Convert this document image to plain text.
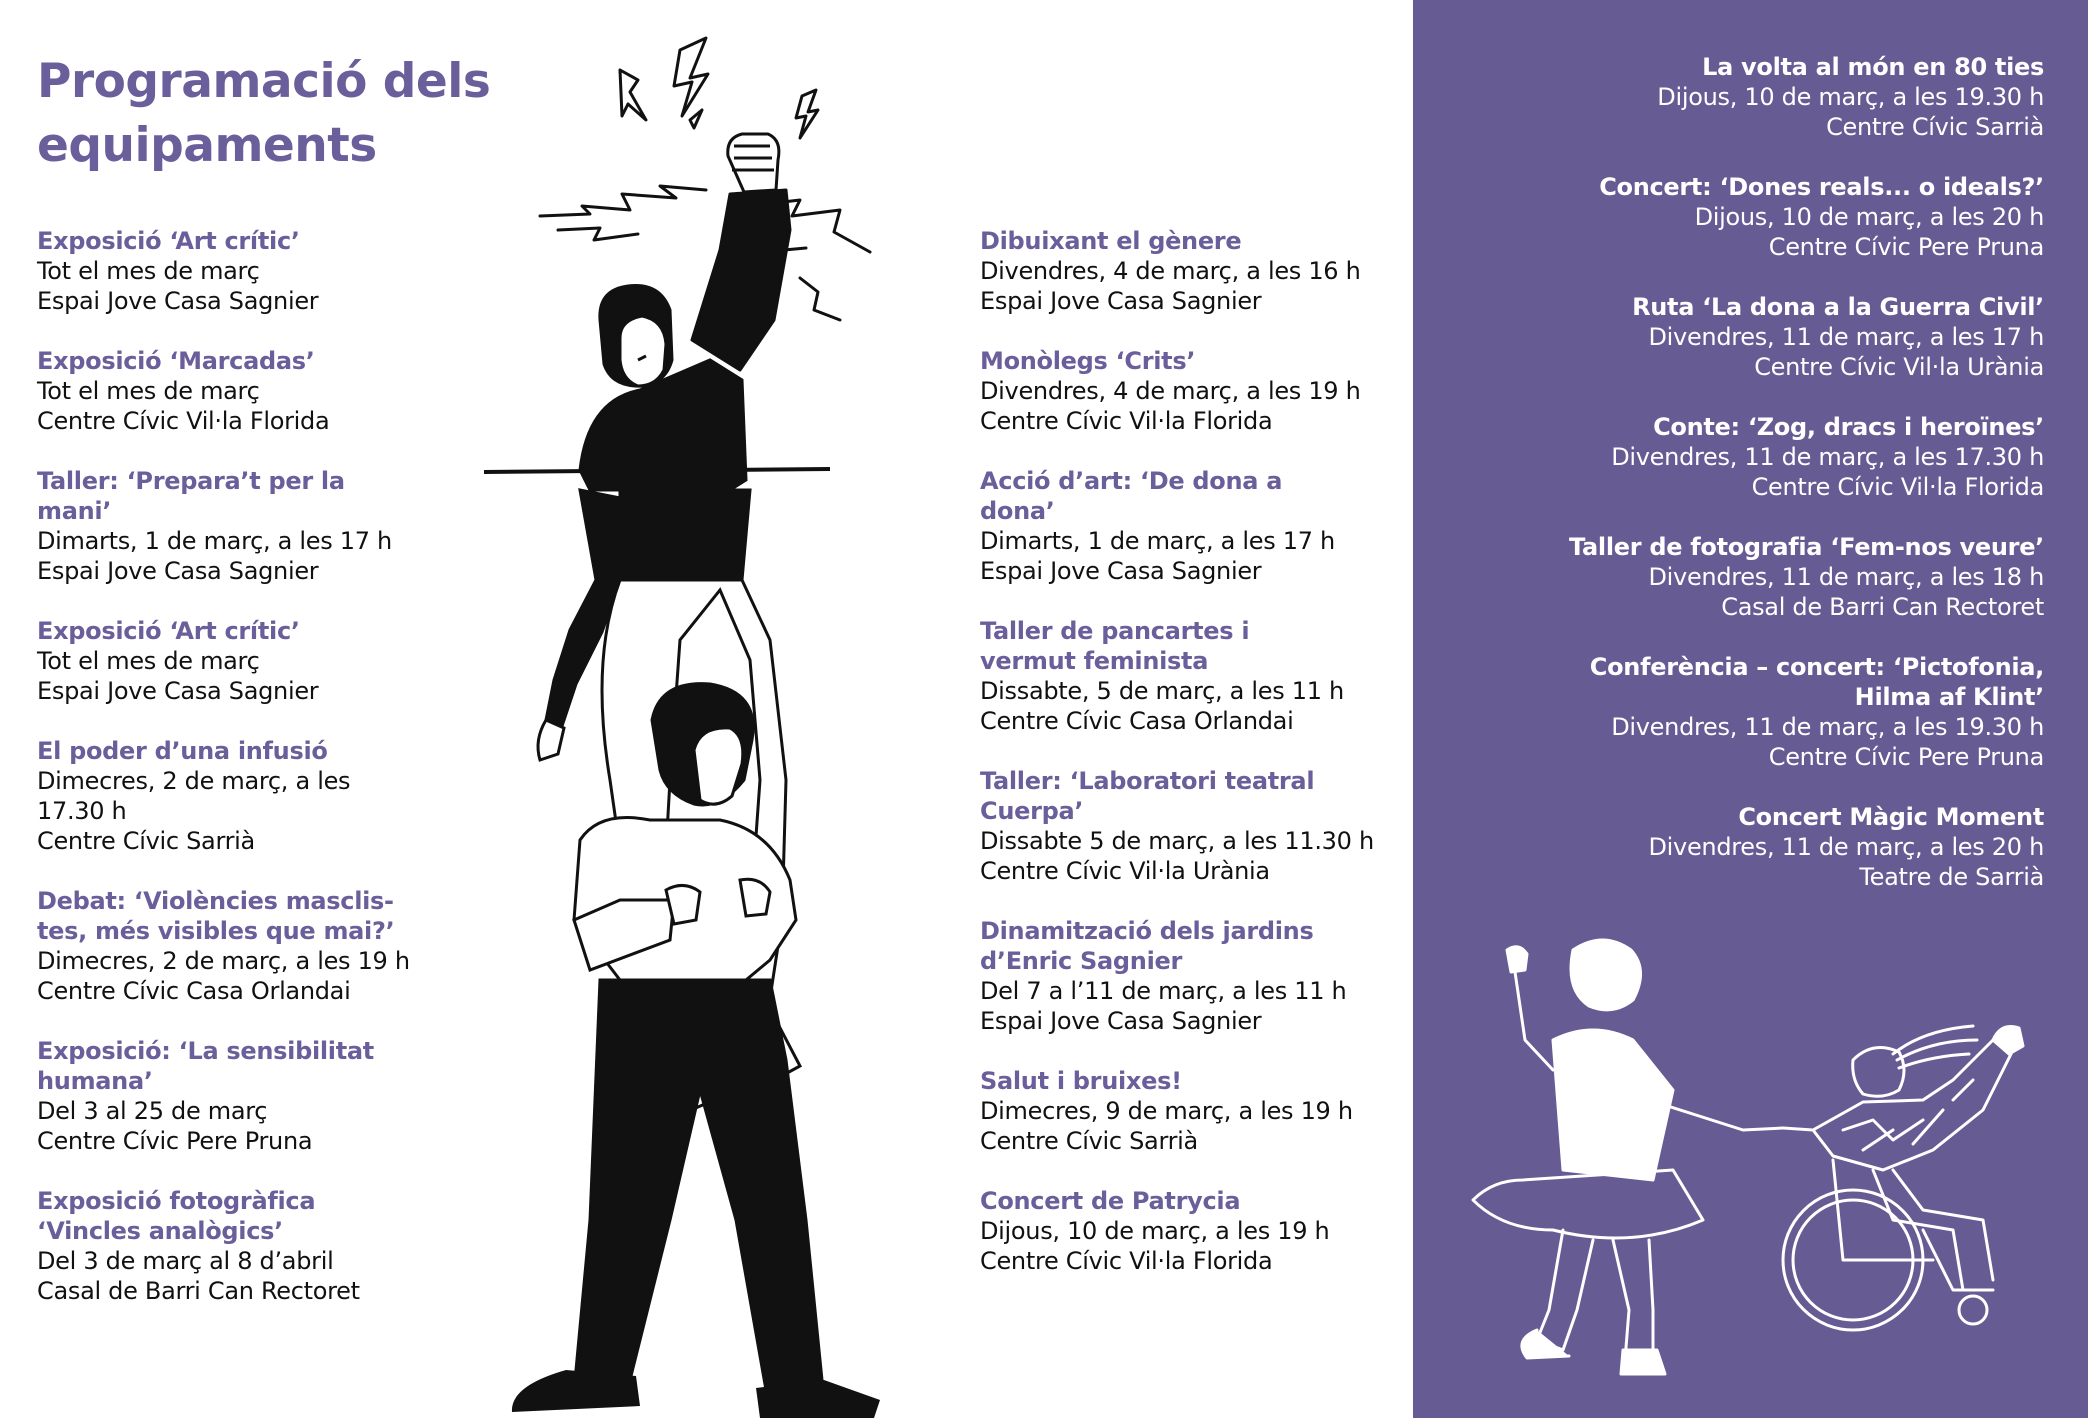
Programació dels
equipaments
Exposició ‘Art crític’
Tot el mes de març
Espai Jove Casa Sagnier
Exposició ‘Marcadas’
Tot el mes de març
Centre Cívic Vil·la Florida
Taller: ‘Prepara’t per la
mani’
Dimarts, 1 de març, a les 17 h
Espai Jove Casa Sagnier
Exposició ‘Art crític’
Tot el mes de març
Espai Jove Casa Sagnier
El poder d’una infusió
Dimecres, 2 de març, a les
17.30 h
Centre Cívic Sarrià
Debat: ‘Violències masclis-
tes, més visibles que mai?’
Dimecres, 2 de març, a les 19 h
Centre Cívic Casa Orlandai
Exposició: ‘La sensibilitat
humana’
Del 3 al 25 de març
Centre Cívic Pere Pruna
Exposició fotogràfica
‘Vincles analògics’
Del 3 de març al 8 d’abril
Casal de Barri Can Rectoret
Dibuixant el gènere
Divendres, 4 de març, a les 16 h
Espai Jove Casa Sagnier
Monòlegs ‘Crits’
Divendres, 4 de març, a les 19 h
Centre Cívic Vil·la Florida
Acció d’art: ‘De dona a
dona’
Dimarts, 1 de març, a les 17 h
Espai Jove Casa Sagnier
Taller de pancartes i
vermut feminista
Dissabte, 5 de març, a les 11 h
Centre Cívic Casa Orlandai
Taller: ‘Laboratori teatral
Cuerpa’
Dissabte 5 de març, a les 11.30 h
Centre Cívic Vil·la Urània
Dinamització dels jardins
d’Enric Sagnier
Del 7 a l’11 de març, a les 11 h
Espai Jove Casa Sagnier
Salut i bruixes!
Dimecres, 9 de març, a les 19 h
Centre Cívic Sarrià
Concert de Patrycia
Dijous, 10 de març, a les 19 h
Centre Cívic Vil·la Florida
La volta al món en 80 ties
Dijous, 10 de març, a les 19.30 h
Centre Cívic Sarrià
Concert: ‘Dones reals... o ideals?’
Dijous, 10 de març, a les 20 h
Centre Cívic Pere Pruna
Ruta ‘La dona a la Guerra Civil’
Divendres, 11 de març, a les 17 h
Centre Cívic Vil·la Urània
Conte: ‘Zog, dracs i heroïnes’
Divendres, 11 de març, a les 17.30 h
Centre Cívic Vil·la Florida
Taller de fotografia ‘Fem-nos veure’
Divendres, 11 de març, a les 18 h
Casal de Barri Can Rectoret
Conferència – concert: ‘Pictofonia,
Hilma af Klint’
Divendres, 11 de març, a les 19.30 h
Centre Cívic Pere Pruna
Concert Màgic Moment
Divendres, 11 de març, a les 20 h
Teatre de Sarrià
